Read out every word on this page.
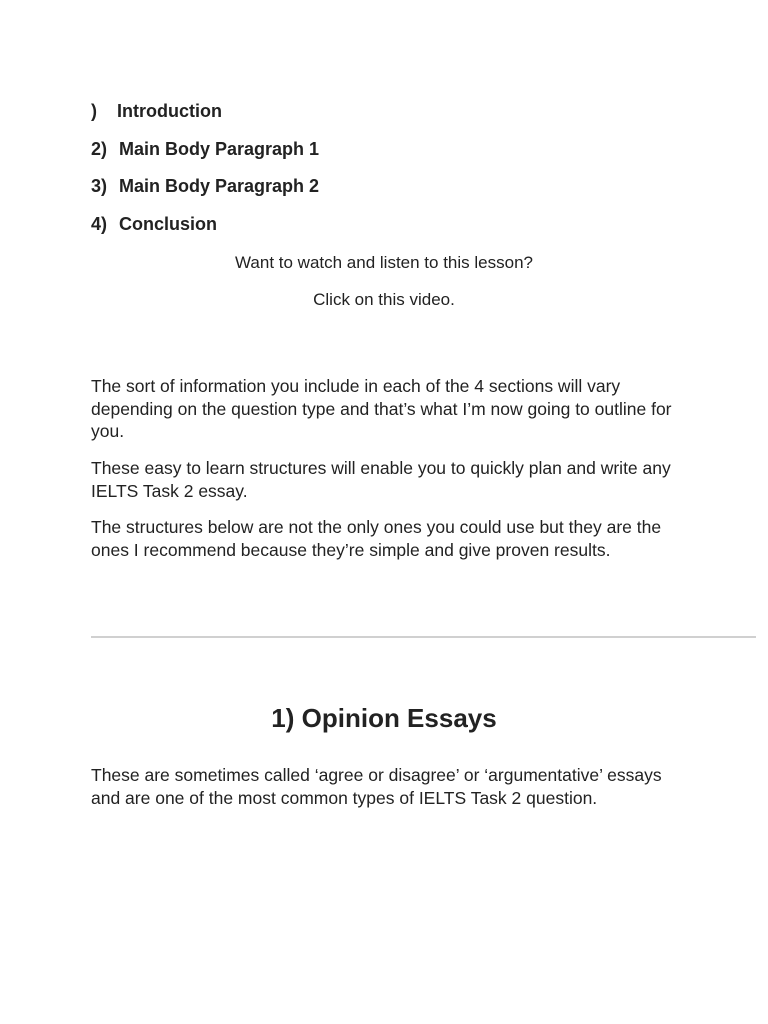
) Introduction
2) Main Body Paragraph 1
3) Main Body Paragraph 2
4) Conclusion
Want to watch and listen to this lesson?
Click on this video.

The sort of information you include in each of the 4 sections will vary depending on the question type and that’s what I’m now going to outline for you.

These easy to learn structures will enable you to quickly plan and write any IELTS Task 2 essay.

The structures below are not the only ones you could use but they are the ones I recommend because they’re simple and give proven results.

1) Opinion Essays

These are sometimes called ‘agree or disagree’ or ‘argumentative’ essays and are one of the most common types of IELTS Task 2 question.
